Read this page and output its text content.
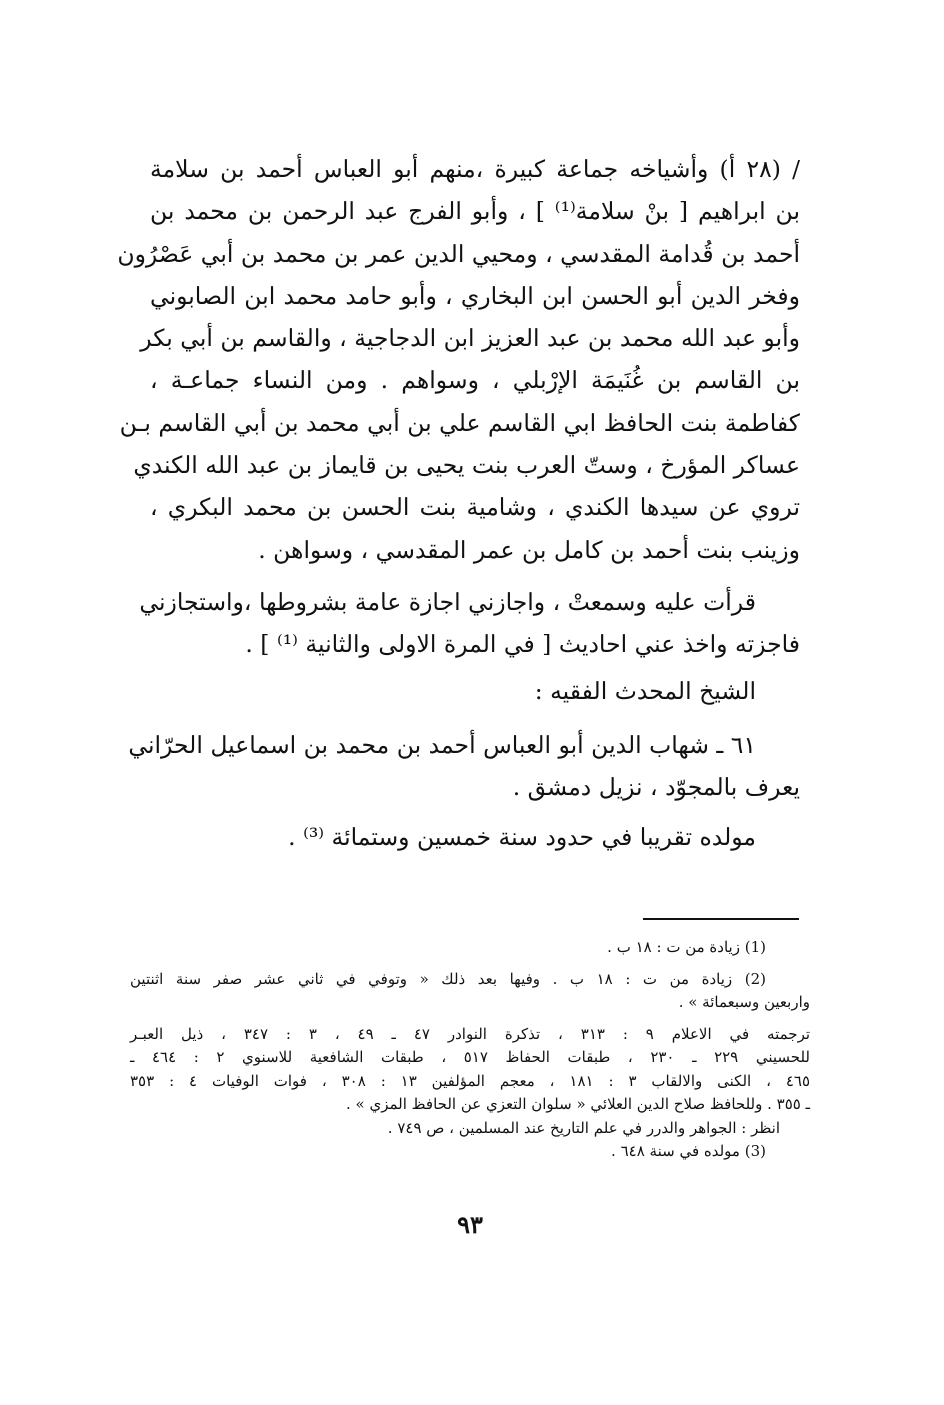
/ (٢٨ أ) وأشياخه جماعة كبيرة ،منهم أبو العباس أحمد بن سلامة
بن ابراهيم [ بنْ سلامة⁽¹⁾ ] ، وأبو الفرج عبد الرحمن بن محمد بن
أحمد بن قُدامة المقدسي ، ومحيي الدين عمر بن محمد بن أبي عَصْرُون
وفخر الدين أبو الحسن ابن البخاري ، وأبو حامد محمد ابن الصابوني
وأبو عبد الله محمد بن عبد العزيز ابن الدجاجية ، والقاسم بن أبي بكر
بن القاسم بن غُنَيمَة الإرْبلي ، وسواهم . ومن النساء جماعـة ،
كفاطمة بنت الحافظ ابي القاسم علي بن أبي محمد بن أبي القاسم بـن
عساكر المؤرخ ، وستّ العرب بنت يحيى بن قايماز بن عبد الله الكندي
تروي عن سيدها الكندي ، وشامية بنت الحسن بن محمد البكري ،
وزينب بنت أحمد بن كامل بن عمر المقدسي ، وسواهن .
قرأت عليه وسمعتْ ، واجازني اجازة عامة بشروطها ،واستجازني
فاجزته واخذ عني احاديث [ في المرة الاولى والثانية ⁽¹⁾ ] .
الشيخ المحدث الفقيه :
٦١ ـ شهاب الدين أبو العباس أحمد بن محمد بن اسماعيل الحرّاني
يعرف بالمجوّد ، نزيل دمشق .
مولده تقريبا في حدود سنة خمسين وستمائة ⁽³⁾ .
(1) زيادة من ت : ١٨ ب .
(2) زيادة من ت : ١٨ ب . وفيها بعد ذلك « وتوفي في ثاني عشر صفر سنة اثنتين
واربعين وسبعمائة » .
ترجمته في الاعلام ٩ : ٣١٣ ، تذكرة النوادر ٤٧ ـ ٤٩ ، ٣ : ٣٤٧ ، ذيل العبـر
للحسيني ٢٢٩ ـ ٢٣٠ ، طبقات الحفاظ ٥١٧ ، طبقات الشافعية للاسنوي ٢ : ٤٦٤ ـ
٤٦٥ ، الكنى والالقاب ٣ : ١٨١ ، معجم المؤلفين ١٣ : ٣٠٨ ، فوات الوفيات ٤ : ٣٥٣
ـ ٣٥٥ . وللحافظ صلاح الدين العلائي « سلوان التعزي عن الحافظ المزي » .
انظر : الجواهر والدرر في علم التاريخ عند المسلمين ، ص ٧٤٩ .
(3) مولده في سنة ٦٤٨ .
٩٣
